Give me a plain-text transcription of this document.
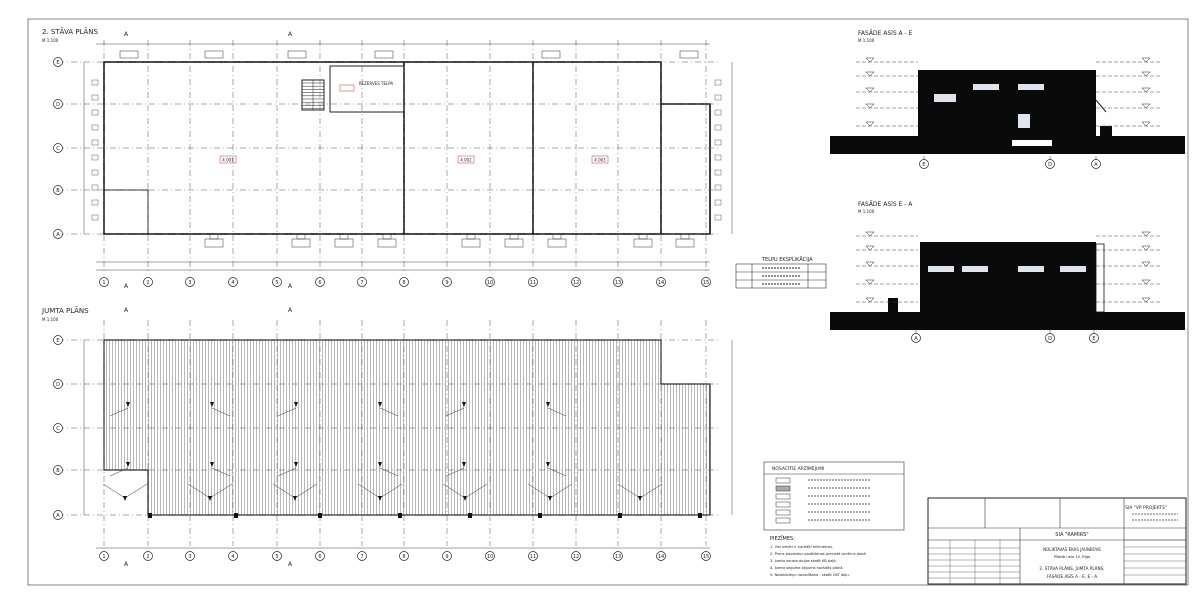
2. STĀVA PLĀNS
M 1:100
REZERVES TELPA
4.001	4.002	4.003
1	2	3	4	5	6	7	8	9	10	11	12	13	14	15
E
D
C
B
A
A	A
A	A
JUMTA PLĀNS
M 1:100
1	2	3	4	5	6	7	8	9	10	11	12	13	14	15
E
D
C
B
A
A	A
A	A
FASĀDE ASīS A - E
M 1:100
E	D	A
FASĀDE ASīS E - A
M 1:100
A	D	E
TELPU EKSPLIKĀCIJA
NOSACĪTIE APZĪMĒJUMI
PIEZĪMES:
1. Visi izmēri ir norādīti milimetros.
2. Pirms būvdarbu uzsākšanas precizēt izmērus dabā.
3. Jumta konstrukcijas skatīt KB daļā.
4. Jumta seguma slīpums norādīts plānā.
5. Notekūdeņu novadīšana - skatīt ŪKT daļu.
SIA "VP PROJEKTS"
SIA "RAMIRS"
NOLIKTAVAS ĒKAS JAUNBŪVE
Pīlādžu iela 10, Rīga
2. STĀVA PLĀNS, JUMTA PLĀNS,
FASĀDE ASīS A - E, E - A
